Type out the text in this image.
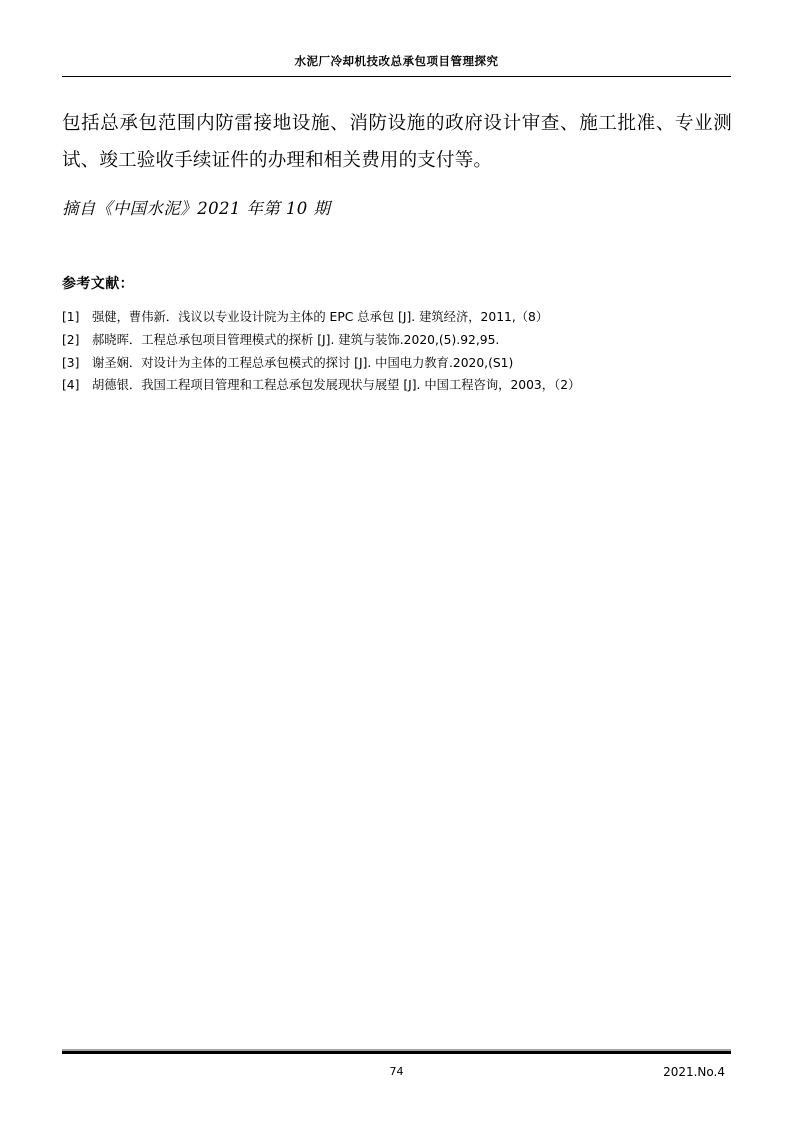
水泥厂冷却机技改总承包项目管理探究

包括总承包范围内防雷接地设施、消防设施的政府设计审查、施工批准、专业测试、竣工验收手续证件的办理和相关费用的支付等。

摘自《中国水泥》2021 年第 10 期

参考文献：
[1]	强健，曹伟新．浅议以专业设计院为主体的 EPC 总承包 [J]. 建筑经济，2011,（8）
[2]	郝晓晖．工程总承包项目管理模式的探析 [J]. 建筑与装饰.2020,(5).92,95.
[3]	谢圣娴．对设计为主体的工程总承包模式的探讨 [J]. 中国电力教育.2020,(S1)
[4]	胡德银．我国工程项目管理和工程总承包发展现状与展望 [J]. 中国工程咨询，2003，（2）
74	2021.No.4
